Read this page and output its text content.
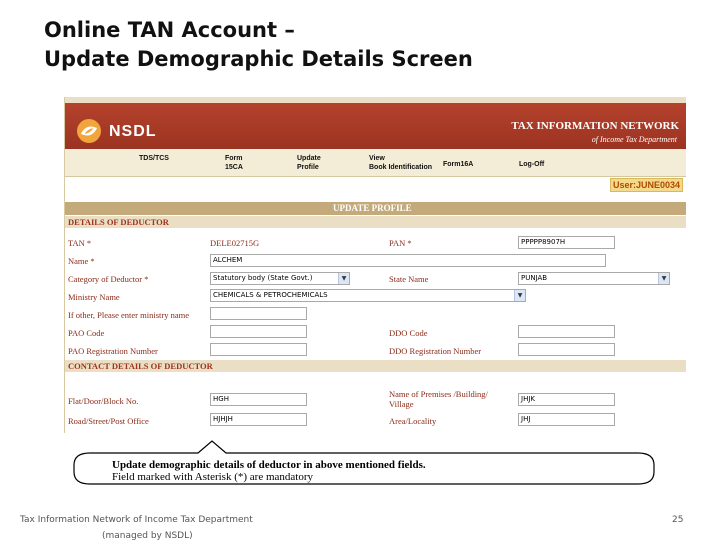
Online TAN Account –
Update Demographic Details Screen
NSDL	TAX INFORMATION NETWORK
of Income Tax Department
TDS/TCS	Form
15CA
Update
Profile
View
Book Identification Form16A	Log-Off
User:JUNE0034
UPDATE PROFILE
DETAILS OF DEDUCTOR
TAN *	DELE02715G	PAN *	PPPPP8907H
Name *	ALCHEM
Category of Deductor *	Statutory body (State Govt.)	▼	State Name	PUNJAB	▼
Ministry Name	CHEMICALS & PETROCHEMICALS	▼
If other, Please enter ministry name
PAO Code	DDO Code
PAO Registration Number	DDO Registration Number
CONTACT DETAILS OF DEDUCTOR
Flat/Door/Block No.	HGH	Name of Premises /Building/
Village	JHJK
Road/Street/Post Office	HJHJH	Area/Locality	JHJ
Update demographic details of deductor in above mentioned fields.
Field marked with Asterisk (*) are mandatory
Tax Information Network of Income Tax Department
(managed by NSDL)
25
